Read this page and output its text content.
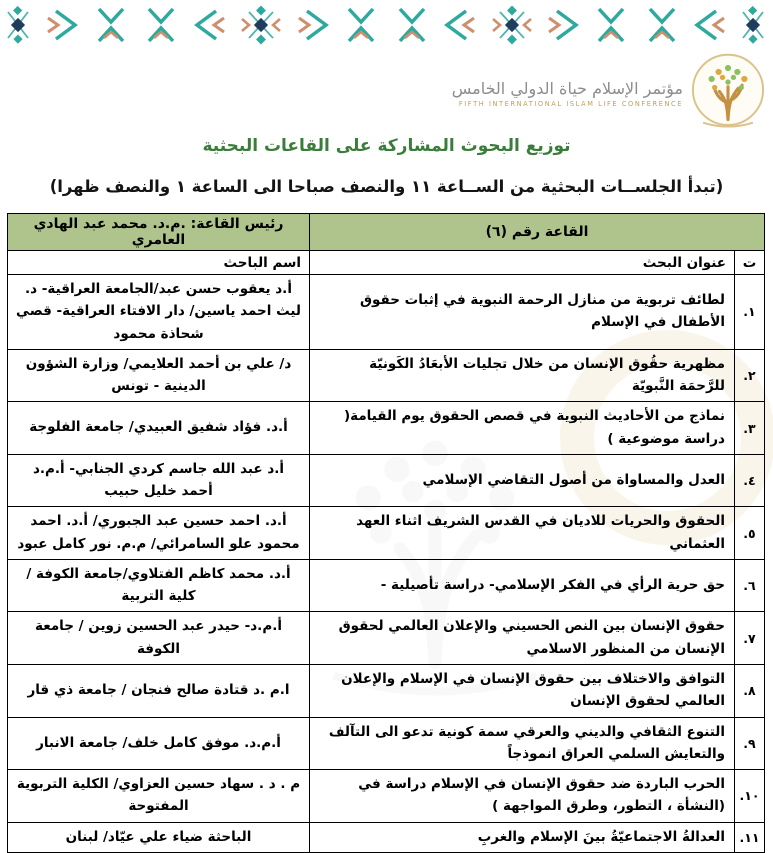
مؤتمر الإسلام حياة الدولي الخامس
FIFTH INTERNATIONAL ISLAM LIFE CONFERENCE
توزيع البحوث المشاركة على القاعات البحثية
(تبدأ الجلســات البحثية من الســاعة ١١ والنصف صباحا الى الساعة ١ والنصف ظهرا)
القاعة رقم (٦)		رئيس القاعة: .م.د. محمد عبد الهادي العامري
ت	عنوان البحث	اسم الباحث
١.	لطائف تربوية من منازل الرحمة النبوية في إثبات حقوق الأطفال في الإسلام	أ.د يعقوب حسن عبد/الجامعة العراقية- د. ليث احمد ياسين/ دار الافتاء العراقية- قصي شحاذة محمود
٢.	مظهرية حقُوق الإنسان من خلال تجليات الأبعَادُ الكَونيّة للرَّحمَة النَّبويّة	د/ علي بن أحمد العلايمي/ وزارة الشؤون الدينية - تونس
٣.	نماذج من الأحاديث النبوية في قصص الحقوق يوم القيامة( دراسة موضوعية )	أ.د. فؤاد شفيق العبيدي/ جامعة الفلوجة
٤.	العدل والمساواة من أصول التقاضي الإسلامي	أ.د عبد الله جاسم كردي الجنابي- أ.م.د أحمد خليل حبيب
٥.	الحقوق والحريات للاديان في القدس الشريف اثناء العهد العثماني	أ.د. احمد حسين عبد الجبوري/ أ.د. احمد محمود علو السامرائي/ م.م. نور كامل عبود
٦.	حق حرية الرأي في الفكر الإسلامي- دراسة تأصيلية -	أ.د. محمد كاظم الفتلاوي/جامعة الكوفة / كلية التربية
٧.	حقوق الإنسان بين النص الحسيني والإعلان العالمي لحقوق الإنسان من المنظور الاسلامي	أ.م.د- حيدر عبد الحسين زوين / جامعة الكوفة
٨.	التوافق والاختلاف بين حقوق الإنسان في الإسلام والإعلان العالمي لحقوق الإنسان	ا.م .د قتادة صالح فنجان / جامعة ذي قار
٩.	التنوع الثقافي والديني والعرقي سمة كونية تدعو الى التآلف والتعايش السلمي العراق انموذجاً	أ.م.د. موفق كامل خلف/ جامعة الانبار
١٠.	الحرب الباردة ضد حقوق الإنسان في الإسلام دراسة في (النشأة ، التطور، وطرق المواجهة )	م . د . سهاد حسين العزاوي/ الكلية التربوية المفتوحة
١١.	العدالةُ الاجتماعيّةُ بينَ الإسلام والغربِ	الباحثة ضياء علي عيّاد/ لبنان
